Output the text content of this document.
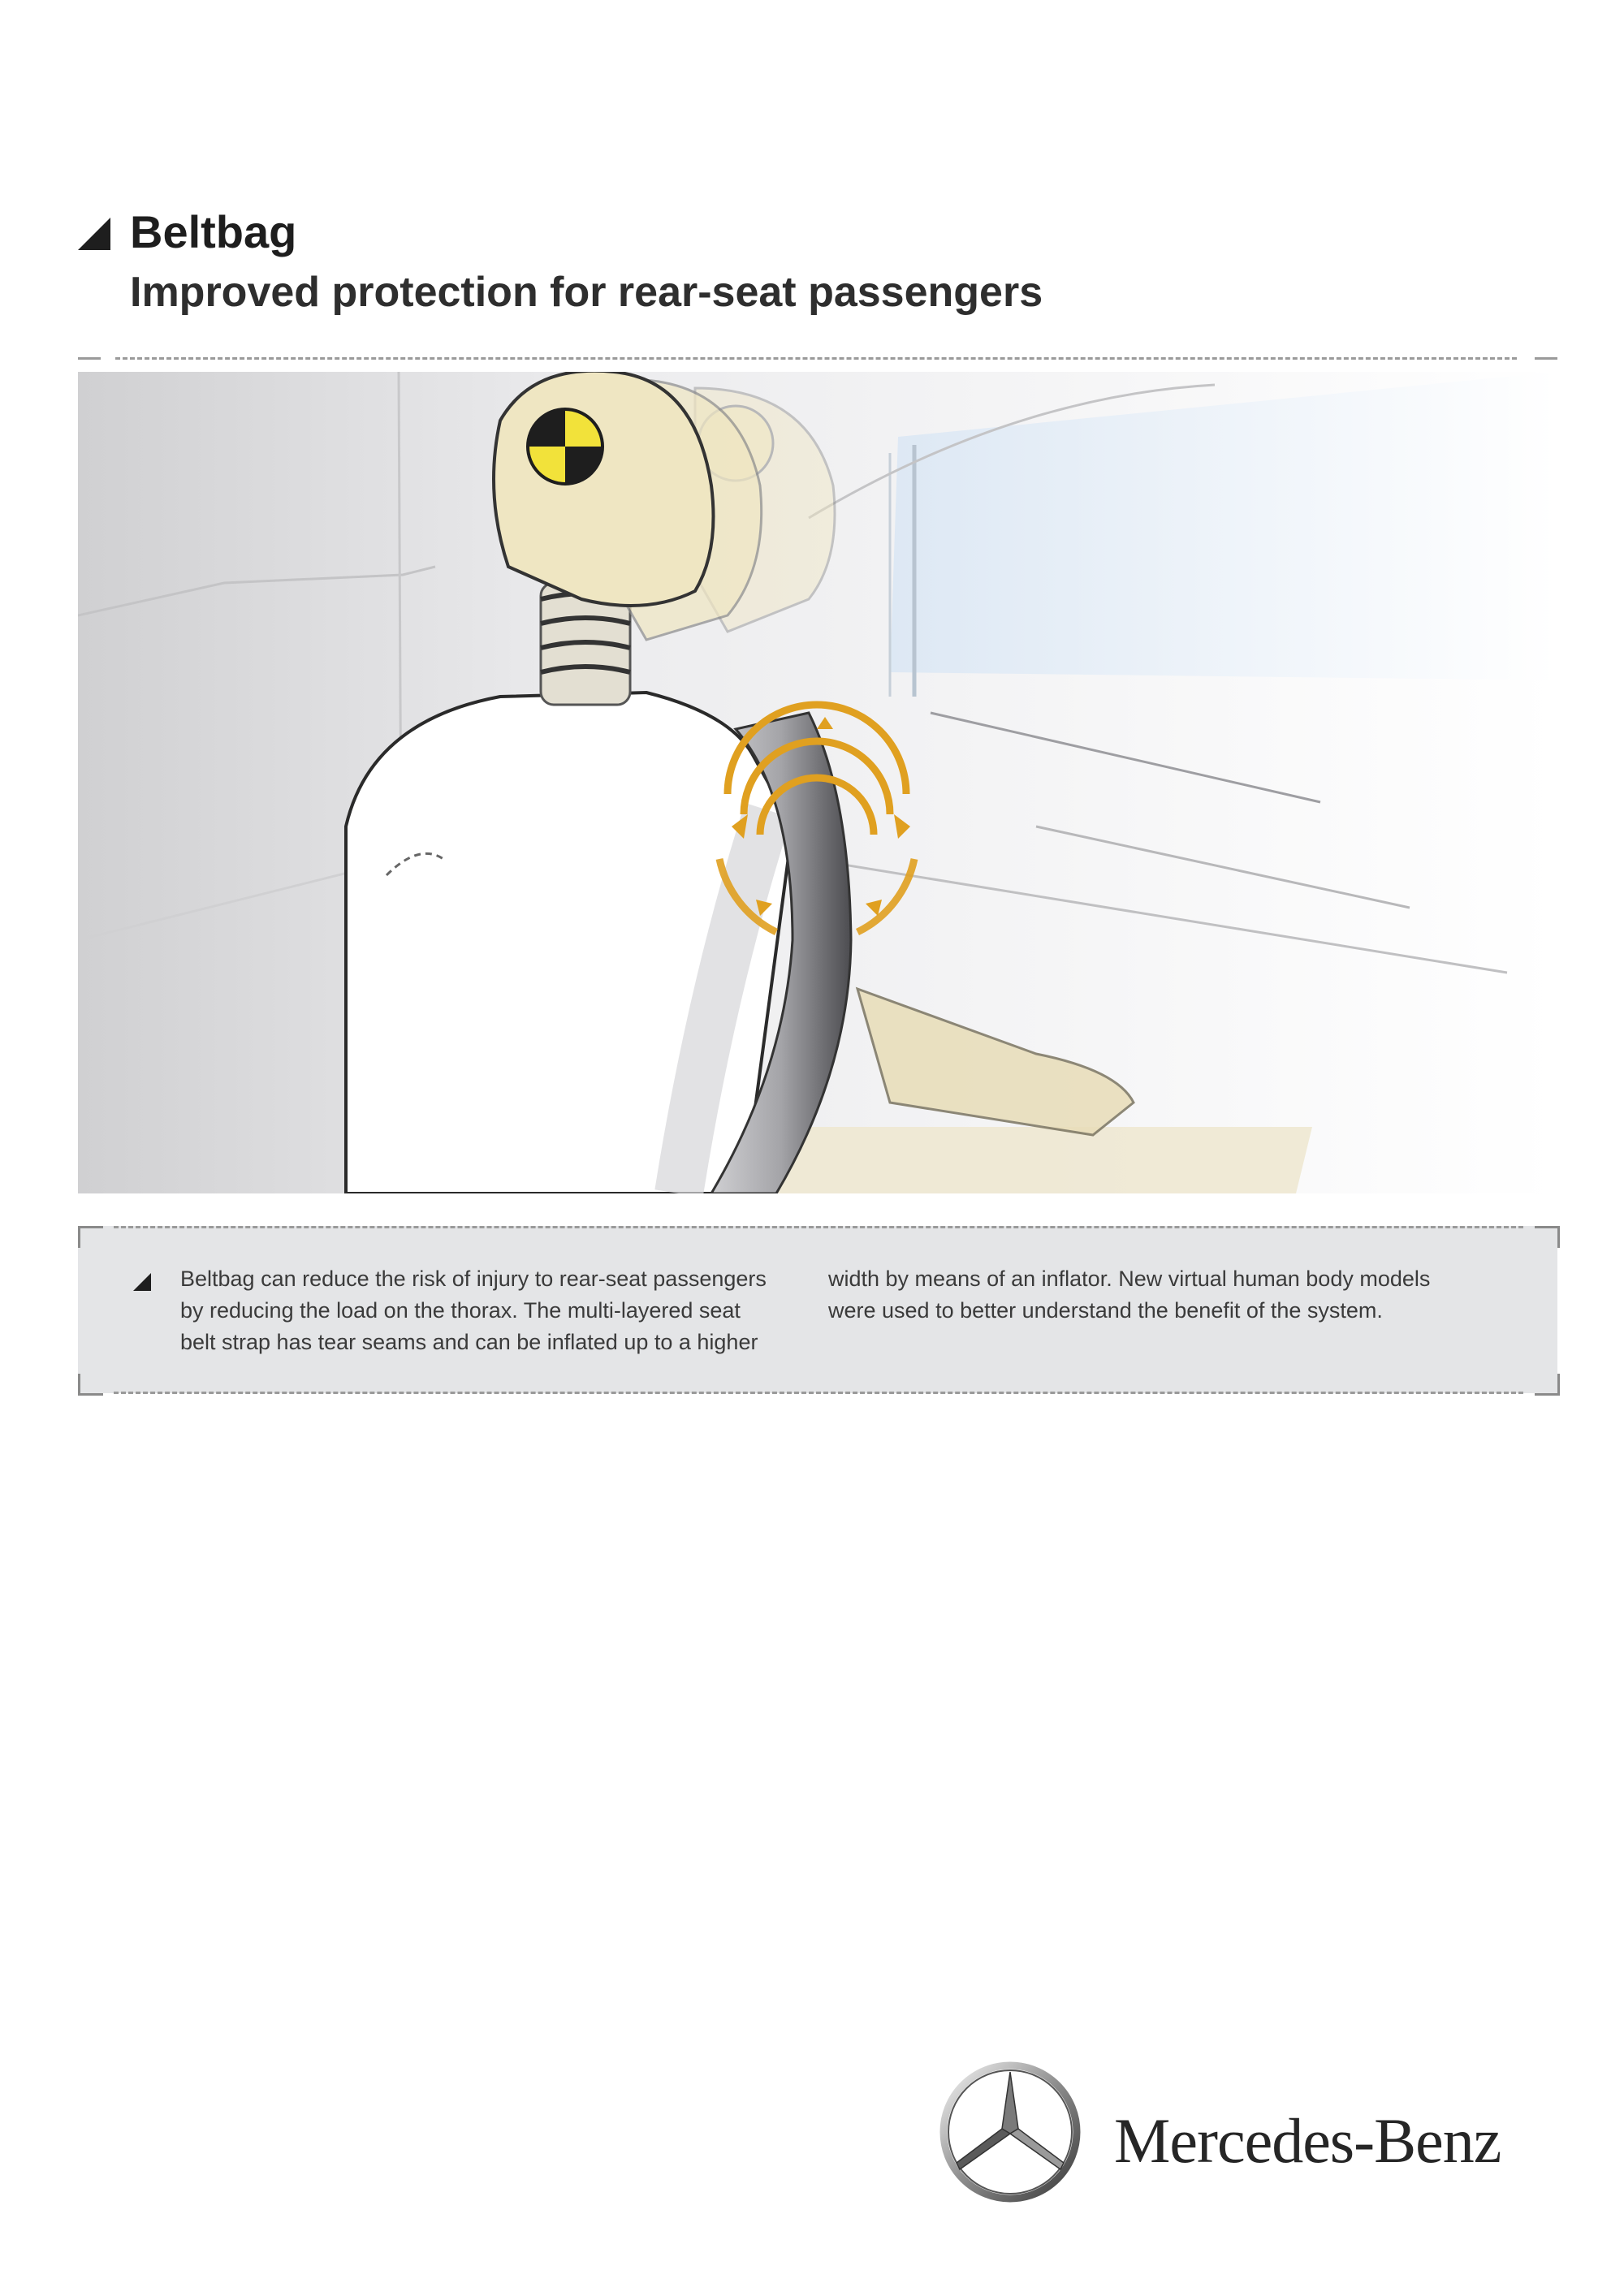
Beltbag
Improved protection for rear-seat passengers
Beltbag can reduce the risk of injury to rear-seat passengers
by reducing the load on the thorax. The multi-layered seat
belt strap has tear seams and can be inflated up to a higher
width by means of an inflator. New virtual human body models
were used to better understand the benefit of the system.
Mercedes-Benz
